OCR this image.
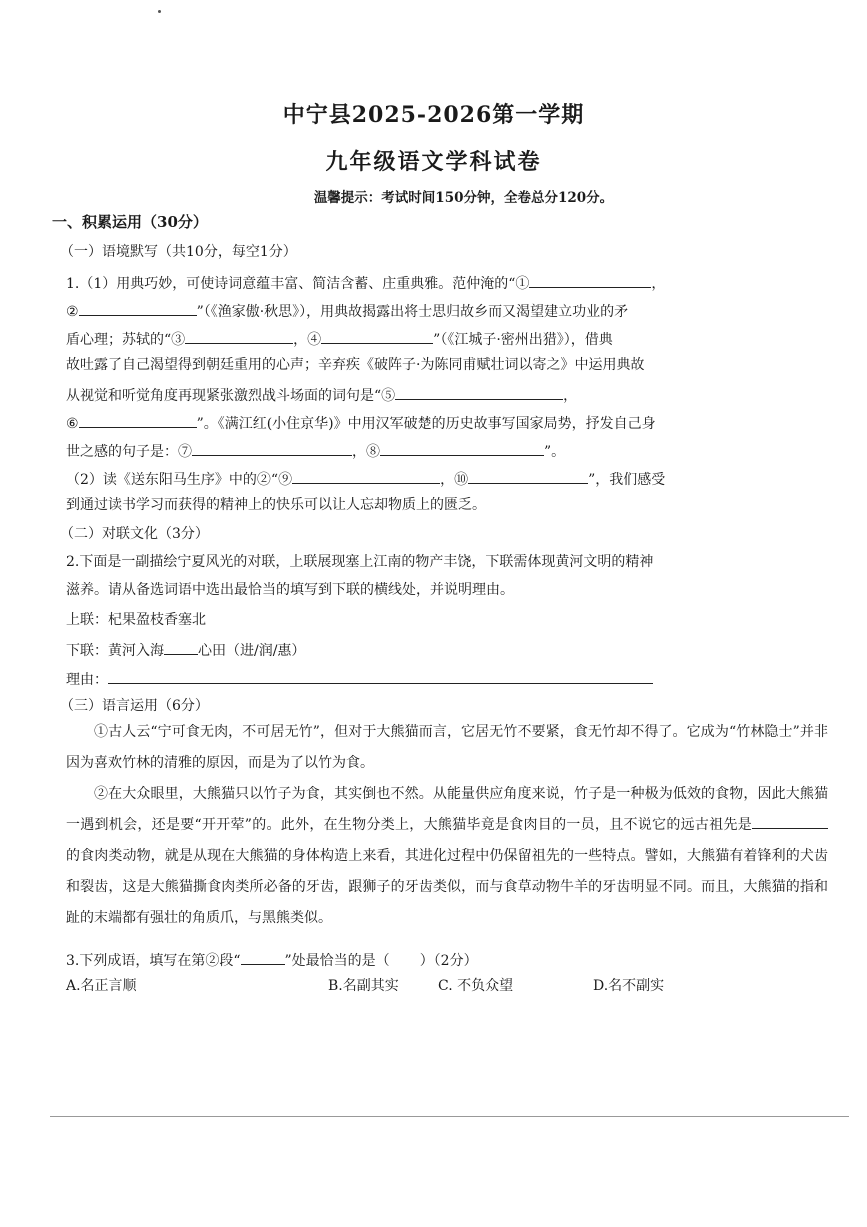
中宁县2025-2026第一学期
九年级语文学科试卷
温馨提示：考试时间150分钟，全卷总分120分。
一、积累运用（30分）
（一）语境默写（共10分，每空1分）
1.（1）用典巧妙，可使诗词意蕴丰富、简洁含蓄、庄重典雅。范仲淹的“①	，
②	”（《渔家傲·秋思》），用典故揭露出将士思归故乡而又渴望建立功业的矛
盾心理；苏轼的“③	，④	”（《江城子·密州出猎》），借典
故吐露了自己渴望得到朝廷重用的心声；辛弃疾《破阵子·为陈同甫赋壮词以寄之》中运用典故
从视觉和听觉角度再现紧张激烈战斗场面的词句是“⑤	，
⑥	”。《满江红(小住京华)》中用汉军破楚的历史故事写国家局势，抒发自己身
世之感的句子是：⑦	，⑧	”。
（2）读《送东阳马生序》中的②“⑨	，⑩	”，我们感受
到通过读书学习而获得的精神上的快乐可以让人忘却物质上的匮乏。
（二）对联文化（3分）
2.下面是一副描绘宁夏风光的对联，上联展现塞上江南的物产丰饶，下联需体现黄河文明的精神
滋养。请从备选词语中选出最恰当的填写到下联的横线处，并说明理由。
上联：杞果盈枝香塞北
下联：黄河入海 心田（进/润/惠）
理由：
（三）语言运用（6分）
①古人云“宁可食无肉，不可居无竹”，但对于大熊猫而言，它居无竹不要紧，食无竹却不得了。它成为“竹林隐士”并非因为喜欢竹林的清雅的原因，而是为了以竹为食。
②在大众眼里，大熊猫只以竹子为食，其实倒也不然。从能量供应角度来说，竹子是一种极为低效的食物，因此大熊猫一遇到机会，还是要“开开荤”的。此外，在生物分类上，大熊猫毕竟是食肉目的一员，且不说它的远古祖先是的食肉类动物，就是从现在大熊猫的身体构造上来看，其进化过程中仍保留祖先的一些特点。譬如，大熊猫有着锋利的犬齿和裂齿，这是大熊猫撕食肉类所必备的牙齿，跟狮子的牙齿类似，而与食草动物牛羊的牙齿明显不同。而且，大熊猫的指和趾的末端都有强壮的角质爪，与黑熊类似。
3.下列成语，填写在第②段“	”处最恰当的是（ ）（2分）
A.名正言顺	B.名副其实	C. 不负众望	D.名不副实
